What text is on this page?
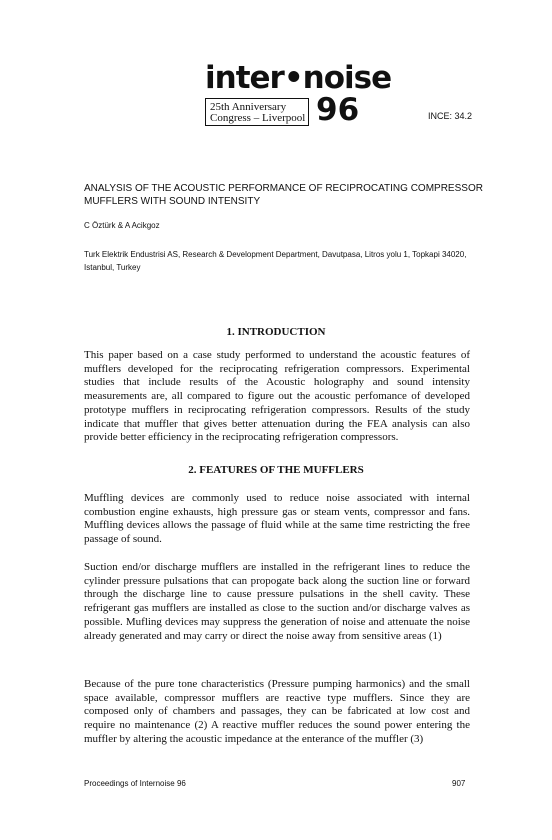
inter•noise
25th Anniversary
Congress – Liverpool 96	INCE: 34.2
ANALYSIS OF THE ACOUSTIC PERFORMANCE OF RECIPROCATING COMPRESSOR MUFFLERS WITH SOUND INTENSITY
C Öztürk & A Acikgoz
Turk Elektrik Endustrisi AS, Research & Development Department, Davutpasa, Litros yolu 1, Topkapi 34020, Istanbul, Turkey
1. INTRODUCTION
This paper based on a case study performed to understand the acoustic features of mufflers developed for the reciprocating refrigeration compressors. Experimental studies that include results of the Acoustic holography and sound intensity measurements are, all compared to figure out the acoustic perfomance of developed prototype mufflers in reciprocating refrigeration compressors. Results of the study indicate that muffler that gives better attenuation during the FEA analysis can also provide better efficiency in the reciprocating refrigeration compressors.
2. FEATURES OF THE MUFFLERS
Muffling devices are commonly used to reduce noise associated with internal combustion engine exhausts, high pressure gas or steam vents, compressor and fans. Muffling devices allows the passage of fluid while at the same time restricting the free passage of sound.
Suction end/or discharge mufflers are installed in the refrigerant lines to reduce the cylinder pressure pulsations that can propogate back along the suction line or forward through the discharge line to cause pressure pulsations in the shell cavity. These refrigerant gas mufflers are installed as close to the suction and/or discharge valves as possible. Mufling devices may suppress the generation of noise and attenuate the noise already generated and may carry or direct the noise away from sensitive areas (1)
Because of the pure tone characteristics (Pressure pumping harmonics) and the small space available, compressor mufflers are reactive type mufflers. Since they are composed only of chambers and passages, they can be fabricated at low cost and require no maintenance (2) A reactive muffler reduces the sound power entering the muffler by altering the acoustic impedance at the enterance of the muffler (3)
Proceedings of Internoise 96	907
